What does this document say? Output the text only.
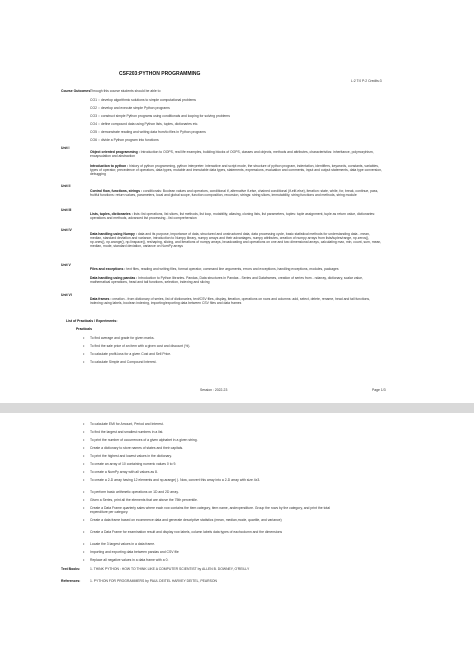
CSF203:PYTHON PROGRAMMING
L:2 T:0 P:2 Credits:3
Course Outcomes:
Through this course students should be able to
CO1 :: develop algorithmic solutions to simple computational problems
CO2 :: develop and execute simple Python programs
CO3 :: construct simple Python programs using conditionals and looping for solving problems
CO4 :: define compound data using Python lists, tuples, dictionaries etc.
CO5 :: demonstrate reading and writing data from/to files in Python programs
CO6 :: divide a Python program into functions
Unit I
Object oriented programming : Introduction to OOPS, real life examples, building blocks of OOPS, classes and objects, methods and attributes, characteristics: inheritance, polymorphism, encapsulation and abstraction
Introduction to python : history of python programming, python interpreter: interactive and script mode, the structure of python program, indentation, identifiers, keywords, constants, variables, types of operator, precedence of operators, data types, mutable and immutable data types, statements, expressions, evaluation and comments, input and output statements, data type conversion, debugging
Unit II
Control flow, functions, strings : conditionals: Boolean values and operators, conditional if, alternative if-else, chained conditional (if-elif-else), iteration: state, while, for, break, continue, pass, fruitful functions: return values, parameters, local and global scope, function composition, recursion, strings: string slices, immutability, string functions and methods, string module
Unit III
Lists, tuples, dictionaries : lists: list operations, list slices, list methods, list loop, mutability, aliasing, cloning lists, list parameters, tuples: tuple assignment, tuple as return value, dictionaries: operations and methods, advanced list processing - list comprehension
Unit IV
Data handling using Numpy : data and its purpose, importance of data, structured and unstructured data, data processing cycle, basic statistical methods for understanding data - mean, median, standard deviation and variance, introduction to Numpy library, numpy arrays and their advantages, numpy attributes, creation of numpy arrays from lists/tuples/range, np.zeros(), np.ones(), np.arange(), np.linspace(), reshaping, slicing, and iterations of numpy arrays, broadcasting and operations on one and two dimensional arrays, calculating max, min, count, sum, mean, median, mode, standard deviation, variance on NumPy arrays
Unit V
Files and exceptions : text files, reading and writing files, format operator, command line arguments, errors and exceptions, handling exceptions, modules, packages
Data handling using pandas : Introduction to Python libraries- Pandas, Data structures in Pandas - Series and Dataframes, creation of series from - ndarray, dictionary, scalar value, mathematical operations, head and tail functions, selection, indexing and slicing
Unit VI
Data frames : creation - from dictionary of series, list of dictionaries, text/CSV files, display, iteration, operations on rows and columns: add, select, delete, rename, head and tail functions, indexing using labels, boolean indexing, importing/exporting data between CSV files and data frames
List of Practicals / Experiments:
Practicals
• To find average and grade for given marks.
• To find the sale price of an item with a given cost and discount (%).
• To calculate profit-loss for a given Cost and Sell Price.
• To calculate Simple and Compound Interest.
Session : 2022-23	Page 1/3
• To calculate EMI for Amount, Period and Interest.
• To find the largest and smallest numbers in a list.
• To print the number of occurrences of a given alphabet in a given string.
• Create a dictionary to store names of states and their capitals.
• To print the highest and lowest values in the dictionary.
• To create an array of 10 containing numeric values 0 to 9.
• To create a NumPy array with all values as 8.
• To create a 2-D array having 12 elements and np.arange( ). Now, convert this array into a 2-D array with size 4x3.
• To perform basic arithmetic operations on 1D and 2D array.
• Given a Series, print all the elements that are above the 75th percentile.
• Create a Data Frame quarterly sales where each row contains the item category, item name, andexpenditure. Group the rows by the category, and print the total expenditure per category.
• Create a data frame based on ecommerce data and generate descriptive statistics (mean, median,mode, quartile, and variance)
• Create a Data Frame for examination result and display row labels, column labels data types of eachcolumn and the dimensions
• Locate the 3 largest values in a data frame.
• Importing and exporting data between pandas and CSV file
• Replace all negative values in a data frame with a 0.
Text Books:	1. THINK PYTHON : HOW TO THINK LIKE A COMPUTER SCIENTIST by ALLEN B. DOWNEY, O'REILLY
References:	1. PYTHON FOR PROGRAMMERS by PAUL DEITEL HARVEY DEITEL, PEARSON
